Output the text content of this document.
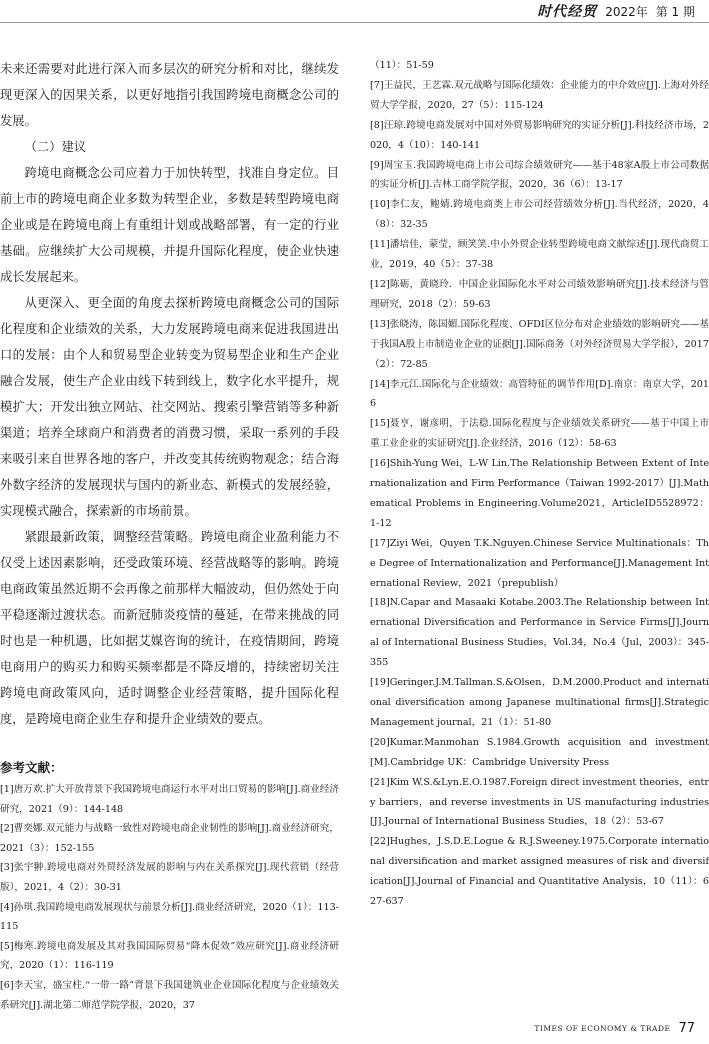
时代经贸 2022年 第 1 期

未来还需要对此进行深入而多层次的研究分析和对比，继续发现更深入的因果关系，以更好地指引我国跨境电商概念公司的发展。

（二）建议

跨境电商概念公司应着力于加快转型，找准自身定位。目前上市的跨境电商企业多数为转型企业，多数是转型跨境电商企业或是在跨境电商上有重组计划或战略部署，有一定的行业基础。应继续扩大公司规模，并提升国际化程度，使企业快速成长发展起来。

从更深入、更全面的角度去探析跨境电商概念公司的国际化程度和企业绩效的关系，大力发展跨境电商来促进我国进出口的发展：由个人和贸易型企业转变为贸易型企业和生产企业融合发展，使生产企业由线下转到线上，数字化水平提升，规模扩大；开发出独立网站、社交网站、搜索引擎营销等多种新渠道；培养全球商户和消费者的消费习惯，采取一系列的手段来吸引来自世界各地的客户，并改变其传统购物观念；结合海外数字经济的发展现状与国内的新业态、新模式的发展经验，实现模式融合，探索新的市场前景。

紧跟最新政策，调整经营策略。跨境电商企业盈利能力不仅受上述因素影响，还受政策环境、经营战略等的影响。跨境电商政策虽然近期不会再像之前那样大幅波动，但仍然处于向平稳逐渐过渡状态。而新冠肺炎疫情的蔓延，在带来挑战的同时也是一种机遇，比如据艾媒咨询的统计，在疫情期间，跨境电商用户的购买力和购买频率都是不降反增的，持续密切关注跨境电商政策风向，适时调整企业经营策略，提升国际化程度，是跨境电商企业生存和提升企业绩效的要点。

参考文献：

[1]唐万欢.扩大开放背景下我国跨境电商运行水平对出口贸易的影响[J].商业经济研究，2021（9）：144-148

[2]曹奕娜.双元能力与战略一致性对跨境电商企业韧性的影响[J].商业经济研究，2021（3）：152-155

[3]张宇翀.跨境电商对外贸经济发展的影响与内在关系探究[J].现代营销（经营版），2021，4（2）：30-31

[4]孙琪.我国跨境电商发展现状与前景分析[J].商业经济研究，2020（1）：113-115

[5]梅寒.跨境电商发展及其对我国国际贸易“降本促效”效应研究[J].商业经济研究，2020（1）：116-119

[6]李天宝，盛宝柱.“一带一路”背景下我国建筑业企业国际化程度与企业绩效关系研究[J].湖北第二师范学院学报，2020，37

（11）：51-59

[7]王益民，王艺霖.双元战略与国际化绩效：企业能力的中介效应[J].上海对外经贸大学学报，2020，27（5）：115-124

[8]汪琼.跨境电商发展对中国对外贸易影响研究的实证分析[J].科技经济市场，2020，4（10）：140-141

[9]周宝玉.我国跨境电商上市公司综合绩效研究——基于48家A股上市公司数据的实证分析[J].吉林工商学院学报，2020，36（6）：13-17

[10]李仁友，鲍婧.跨境电商类上市公司经营绩效分析[J].当代经济，2020，4（8）：32-35

[11]潘培佳，蒙莹，顾笑笑.中小外贸企业转型跨境电商文献综述[J].现代商贸工业，2019，40（5）：37-38

[12]陈砺，黄晓玲．中国企业国际化水平对公司绩效影响研究[J].技术经济与管理研究，2018（2）：59-63

[13]张晓涛，陈国媚.国际化程度、OFDI区位分布对企业绩效的影响研究——基于我国A股上市制造业企业的证据[J].国际商务（对外经济贸易大学学报），2017（2）：72-85

[14]李元江.国际化与企业绩效：高管特征的调节作用[D].南京：南京大学，2016

[15]聂亨，谢彦明，于法稳.国际化程度与企业绩效关系研究——基于中国上市重工业企业的实证研究[J].企业经济，2016（12）：58-63

[16]Shih-Yung Wei，L-W Lin.The Relationship Between Extent of Internationalization and Firm Performance（Taiwan 1992-2017）[J].Mathematical Problems in Engineering.Volume2021，ArticleID5528972：1-12

[17]Ziyi Wei，Quyen T.K.Nguyen.Chinese Service Multinationals：The Degree of Internationalization and Performance[J].Management International Review，2021（prepublish）

[18]N.Capar and Masaaki Kotabe.2003.The Relationship between International Diversification and Performance in Service Firms[J].Journal of International Business Studies，Vol.34，No.4（Jul，2003）：345-355

[19]Geringer.J.M.Tallman.S.&Olsen，D.M.2000.Product and international diversification among Japanese multinational firms[J].Strategic Management journal，21（1）：51-80

[20]Kumar.Manmohan S.1984.Growth acquisition and investment[M].Cambridge UK：Cambridge University Press

[21]Kim W.S.&Lyn.E.O.1987.Foreign direct investment theories，entry barriers，and reverse investments in US manufacturing industries[J].Journal of International Business Studies，18（2）：53-67

[22]Hughes，J.S.D.E.Logue & R.J.Sweeney.1975.Corporate international diversification and market assigned measures of risk and diversification[J].Journal of Financial and Quantitative Analysis，10（11）：627-637

TIMES OF ECONOMY & TRADE 77
